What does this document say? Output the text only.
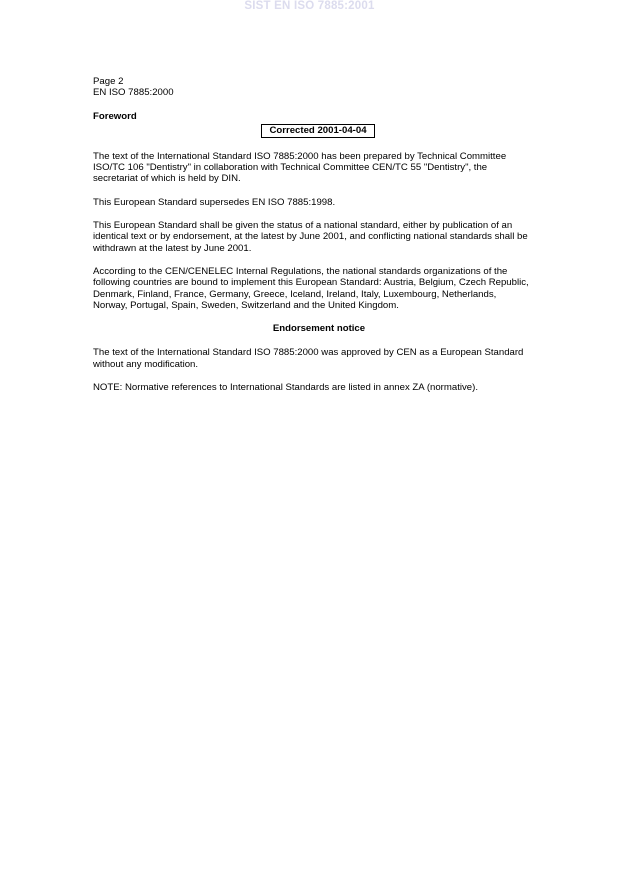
SIST EN ISO 7885:2001

Page 2

EN ISO 7885:2000

Foreword

Corrected 2001-04-04

The text of the International Standard ISO 7885:2000 has been prepared by Technical Committee ISO/TC 106 "Dentistry" in collaboration with Technical Committee CEN/TC 55 "Dentistry", the secretariat of which is held by DIN.

This European Standard supersedes EN ISO 7885:1998.

This European Standard shall be given the status of a national standard, either by publication of an identical text or by endorsement, at the latest by June 2001, and conflicting national standards shall be withdrawn at the latest by June 2001.

According to the CEN/CENELEC Internal Regulations, the national standards organizations of the following countries are bound to implement this European Standard: Austria, Belgium, Czech Republic, Denmark, Finland, France, Germany, Greece, Iceland, Ireland, Italy, Luxembourg, Netherlands, Norway, Portugal, Spain, Sweden, Switzerland and the United Kingdom.

Endorsement notice

The text of the International Standard ISO 7885:2000 was approved by CEN as a European Standard without any modification.

NOTE: Normative references to International Standards are listed in annex ZA (normative).
